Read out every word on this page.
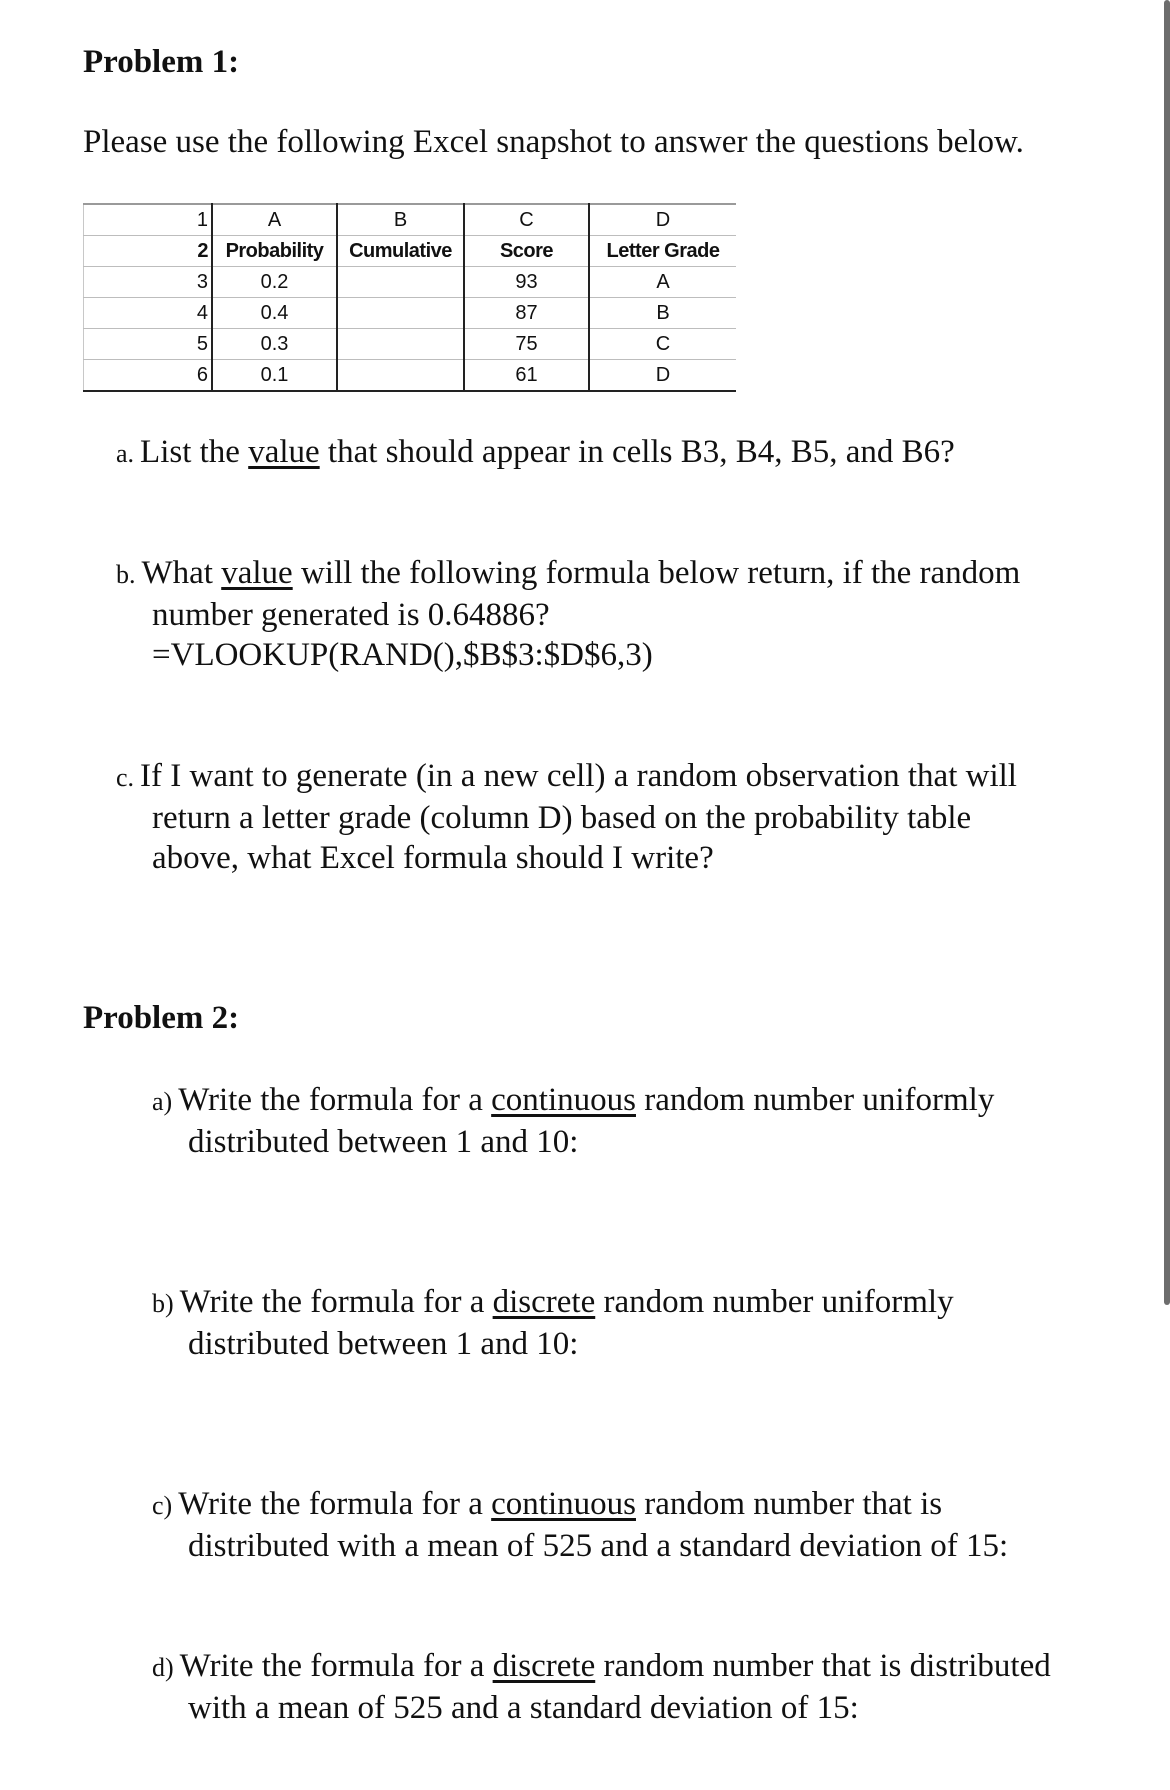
Problem 1:
Please use the following Excel snapshot to answer the questions below.
1	A	B	C	D
2	Probability	Cumulative	Score	Letter Grade
3	0.2		93	A
4	0.4		87	B
5	0.3		75	C
6	0.1		61	D
a. List the value that should appear in cells B3, B4, B5, and B6?
b. What value will the following formula below return, if the random
number generated is 0.64886?
=VLOOKUP(RAND(),$B$3:$D$6,3)
c. If I want to generate (in a new cell) a random observation that will
return a letter grade (column D) based on the probability table
above, what Excel formula should I write?
Problem 2:
a) Write the formula for a continuous random number uniformly
distributed between 1 and 10:
b) Write the formula for a discrete random number uniformly
distributed between 1 and 10:
c) Write the formula for a continuous random number that is
distributed with a mean of 525 and a standard deviation of 15:
d) Write the formula for a discrete random number that is distributed
with a mean of 525 and a standard deviation of 15:
